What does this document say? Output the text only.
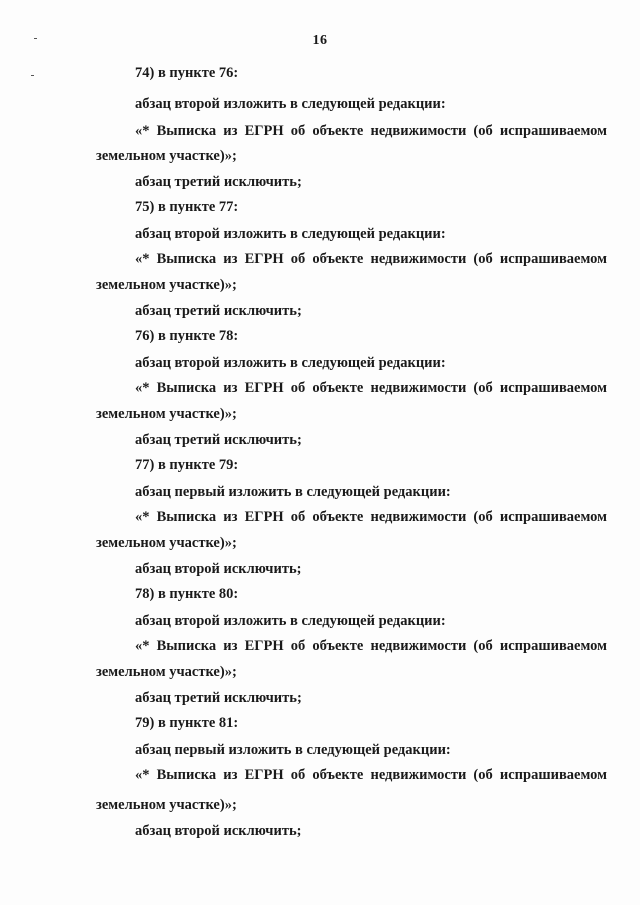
16
74) в пункте 76:
абзац второй изложить в следующей редакции:
«* Выписка из ЕГРН об объекте недвижимости (об испрашиваемом
земельном участке)»;
абзац третий исключить;
75) в пункте 77:
абзац второй изложить в следующей редакции:
«* Выписка из ЕГРН об объекте недвижимости (об испрашиваемом
земельном участке)»;
абзац третий исключить;
76) в пункте 78:
абзац второй изложить в следующей редакции:
«* Выписка из ЕГРН об объекте недвижимости (об испрашиваемом
земельном участке)»;
абзац третий исключить;
77) в пункте 79:
абзац первый изложить в следующей редакции:
«* Выписка из ЕГРН об объекте недвижимости (об испрашиваемом
земельном участке)»;
абзац второй исключить;
78) в пункте 80:
абзац второй изложить в следующей редакции:
«* Выписка из ЕГРН об объекте недвижимости (об испрашиваемом
земельном участке)»;
абзац третий исключить;
79) в пункте 81:
абзац первый изложить в следующей редакции:
«* Выписка из ЕГРН об объекте недвижимости (об испрашиваемом
земельном участке)»;
абзац второй исключить;
